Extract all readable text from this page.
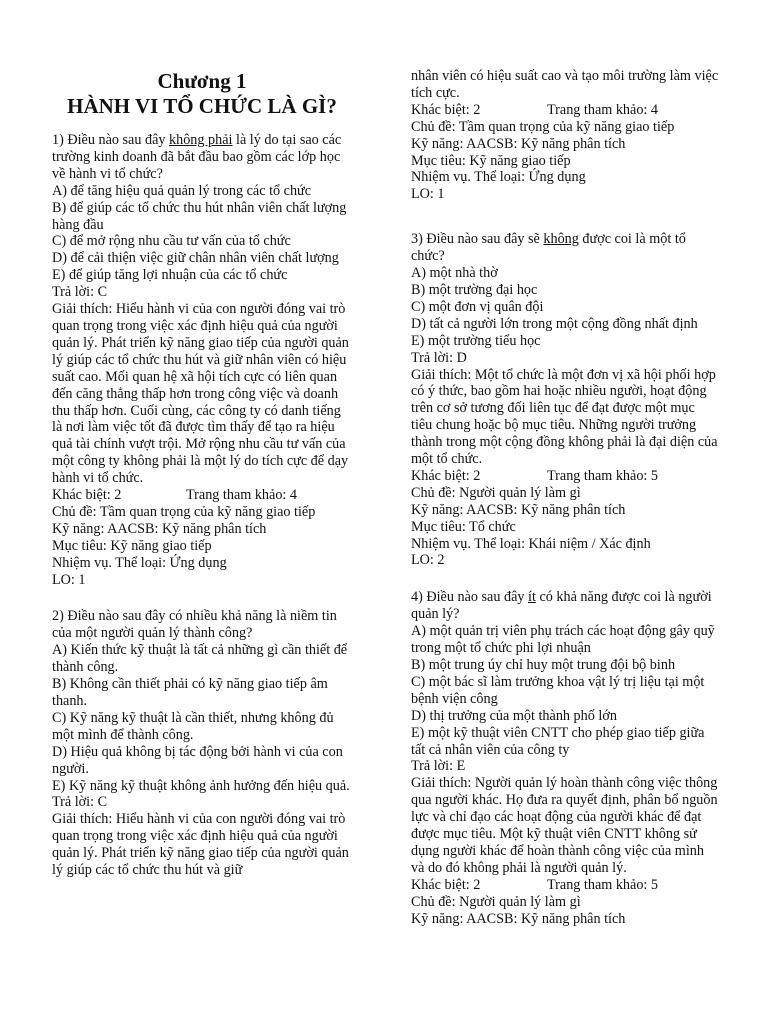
Chương 1
HÀNH VI TỔ CHỨC LÀ GÌ?
1) Điều nào sau đây không phải là lý do tại sao các trường kinh doanh đã bắt đầu bao gồm các lớp học về hành vi tổ chức?
A) để tăng hiệu quả quản lý trong các tổ chức
B) để giúp các tổ chức thu hút nhân viên chất lượng hàng đầu
C) để mở rộng nhu cầu tư vấn của tổ chức
D) để cải thiện việc giữ chân nhân viên chất lượng
E) để giúp tăng lợi nhuận của các tổ chức
Trả lời: C
Giải thích: Hiểu hành vi của con người đóng vai trò quan trọng trong việc xác định hiệu quả của người quản lý. Phát triển kỹ năng giao tiếp của người quản lý giúp các tổ chức thu hút và giữ nhân viên có hiệu suất cao. Mối quan hệ xã hội tích cực có liên quan đến căng thẳng thấp hơn trong công việc và doanh thu thấp hơn. Cuối cùng, các công ty có danh tiếng là nơi làm việc tốt đã được tìm thấy để tạo ra hiệu quả tài chính vượt trội. Mở rộng nhu cầu tư vấn của một công ty không phải là một lý do tích cực để dạy hành vi tổ chức.
Khác biệt: 2	Trang tham khảo: 4
Chủ đề: Tầm quan trọng của kỹ năng giao tiếp
Kỹ năng: AACSB: Kỹ năng phân tích
Mục tiêu: Kỹ năng giao tiếp
Nhiệm vụ. Thể loại: Ứng dụng
LO: 1
2) Điều nào sau đây có nhiều khả năng là niềm tin của một người quản lý thành công?
A) Kiến thức kỹ thuật là tất cả những gì cần thiết để thành công.
B) Không cần thiết phải có kỹ năng giao tiếp âm thanh.
C) Kỹ năng kỹ thuật là cần thiết, nhưng không đủ một mình để thành công.
D) Hiệu quả không bị tác động bởi hành vi của con người.
E) Kỹ năng kỹ thuật không ảnh hưởng đến hiệu quả.
Trả lời: C
Giải thích: Hiểu hành vi của con người đóng vai trò quan trọng trong việc xác định hiệu quả của người quản lý. Phát triển kỹ năng giao tiếp của người quản lý giúp các tổ chức thu hút và giữ
nhân viên có hiệu suất cao và tạo môi trường làm việc tích cực.
Khác biệt: 2	Trang tham khảo: 4
Chủ đề: Tầm quan trọng của kỹ năng giao tiếp
Kỹ năng: AACSB: Kỹ năng phân tích
Mục tiêu: Kỹ năng giao tiếp
Nhiệm vụ. Thể loại: Ứng dụng
LO: 1
3) Điều nào sau đây sẽ không được coi là một tổ chức?
A) một nhà thờ
B) một trường đại học
C) một đơn vị quân đội
D) tất cả người lớn trong một cộng đồng nhất định
E) một trường tiểu học
Trả lời: D
Giải thích: Một tổ chức là một đơn vị xã hội phối hợp có ý thức, bao gồm hai hoặc nhiều người, hoạt động trên cơ sở tương đối liên tục để đạt được một mục tiêu chung hoặc bộ mục tiêu. Những người trưởng thành trong một cộng đồng không phải là đại diện của một tổ chức.
Khác biệt: 2	Trang tham khảo: 5
Chủ đề: Người quản lý làm gì
Kỹ năng: AACSB: Kỹ năng phân tích
Mục tiêu: Tổ chức
Nhiệm vụ. Thể loại: Khái niệm / Xác định
LO: 2
4) Điều nào sau đây ít có khả năng được coi là người quản lý?
A) một quản trị viên phụ trách các hoạt động gây quỹ trong một tổ chức phi lợi nhuận
B) một trung úy chỉ huy một trung đội bộ binh
C) một bác sĩ làm trưởng khoa vật lý trị liệu tại một bệnh viện công
D) thị trưởng của một thành phố lớn
E) một kỹ thuật viên CNTT cho phép giao tiếp giữa tất cả nhân viên của công ty
Trả lời: E
Giải thích: Người quản lý hoàn thành công việc thông qua người khác. Họ đưa ra quyết định, phân bổ nguồn lực và chỉ đạo các hoạt động của người khác để đạt được mục tiêu. Một kỹ thuật viên CNTT không sử dụng người khác để hoàn thành công việc của mình và do đó không phải là người quản lý.
Khác biệt: 2	Trang tham khảo: 5
Chủ đề: Người quản lý làm gì
Kỹ năng: AACSB: Kỹ năng phân tích
